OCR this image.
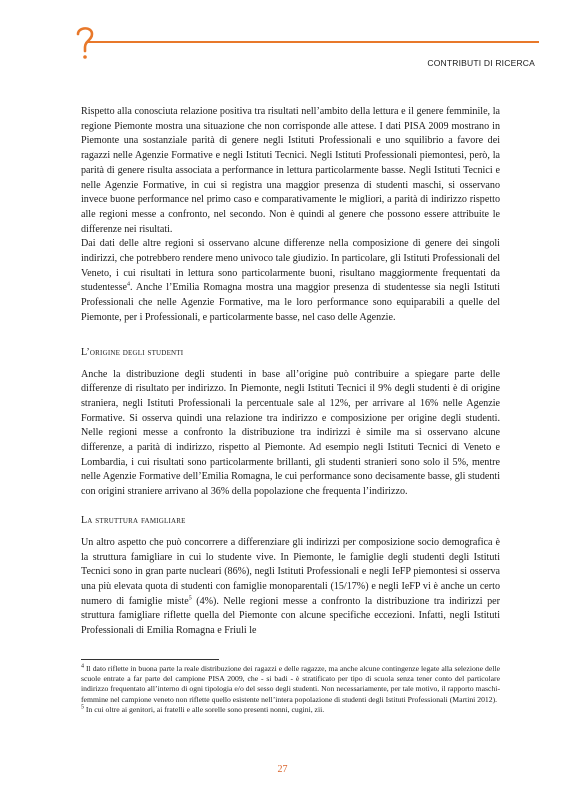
CONTRIBUTI DI RICERCA

Rispetto alla conosciuta relazione positiva tra risultati nell’ambito della lettura e il genere femminile, la regione Piemonte mostra una situazione che non corrisponde alle attese. I dati PISA 2009 mostrano in Piemonte una sostanziale parità di genere negli Istituti Professionali e uno squilibrio a favore dei ragazzi nelle Agenzie Formative e negli Istituti Tecnici. Negli Istituti Professionali piemontesi, però, la parità di genere risulta associata a performance in lettura particolarmente basse. Negli Istituti Tecnici e nelle Agenzie Formative, in cui si registra una maggior presenza di studenti maschi, si osservano invece buone performance nel primo caso e comparativamente le migliori, a parità di indirizzo rispetto alle regioni messe a confronto, nel secondo. Non è quindi al genere che possono essere attribuite le differenze nei risultati.

Dai dati delle altre regioni si osservano alcune differenze nella composizione di genere dei singoli indirizzi, che potrebbero rendere meno univoco tale giudizio. In particolare, gli Istituti Professionali del Veneto, i cui risultati in lettura sono particolarmente buoni, risultano maggiormente frequentati da studentesse$^4$. Anche l’Emilia Romagna mostra una maggior presenza di studentesse sia negli Istituti Professionali che nelle Agenzie Formative, ma le loro performance sono equiparabili a quelle del Piemonte, per i Professionali, e particolarmente basse, nel caso delle Agenzie.

L’origine degli studenti

Anche la distribuzione degli studenti in base all’origine può contribuire a spiegare parte delle differenze di risultato per indirizzo. In Piemonte, negli Istituti Tecnici il 9% degli studenti è di origine straniera, negli Istituti Professionali la percentuale sale al 12%, per arrivare al 16% nelle Agenzie Formative. Si osserva quindi una relazione tra indirizzo e composizione per origine degli studenti. Nelle regioni messe a confronto la distribuzione tra indirizzi è simile ma si osservano alcune differenze, a parità di indirizzo, rispetto al Piemonte. Ad esempio negli Istituti Tecnici di Veneto e Lombardia, i cui risultati sono particolarmente brillanti, gli studenti stranieri sono solo il 5%, mentre nelle Agenzie Formative dell’Emilia Romagna, le cui performance sono decisamente basse, gli studenti con origini straniere arrivano al 36% della popolazione che frequenta l’indirizzo.

La struttura famigliare

Un altro aspetto che può concorrere a differenziare gli indirizzi per composizione socio demografica è la struttura famigliare in cui lo studente vive. In Piemonte, le famiglie degli studenti degli Istituti Tecnici sono in gran parte nucleari (86%), negli Istituti Professionali e negli IeFP piemontesi si osserva una più elevata quota di studenti con famiglie monoparentali (15/17%) e negli IeFP vi è anche un certo numero di famiglie miste$^5$ (4%). Nelle regioni messe a confronto la distribuzione tra indirizzi per struttura famigliare riflette quella del Piemonte con alcune specifiche eccezioni. Infatti, negli Istituti Professionali di Emilia Romagna e Friuli le

$^4$ Il dato riflette in buona parte la reale distribuzione dei ragazzi e delle ragazze, ma anche alcune contingenze legate alla selezione delle scuole entrate a far parte del campione PISA 2009, che - si badi - è stratificato per tipo di scuola senza tener conto del particolare indirizzo frequentato all’interno di ogni tipologia e/o del sesso degli studenti. Non necessariamente, per tale motivo, il rapporto maschi-femmine nel campione veneto non riflette quello esistente nell’intera popolazione di studenti degli Istituti Professionali (Martini 2012).

$^5$ In cui oltre ai genitori, ai fratelli e alle sorelle sono presenti nonni, cugini, zii.

27
